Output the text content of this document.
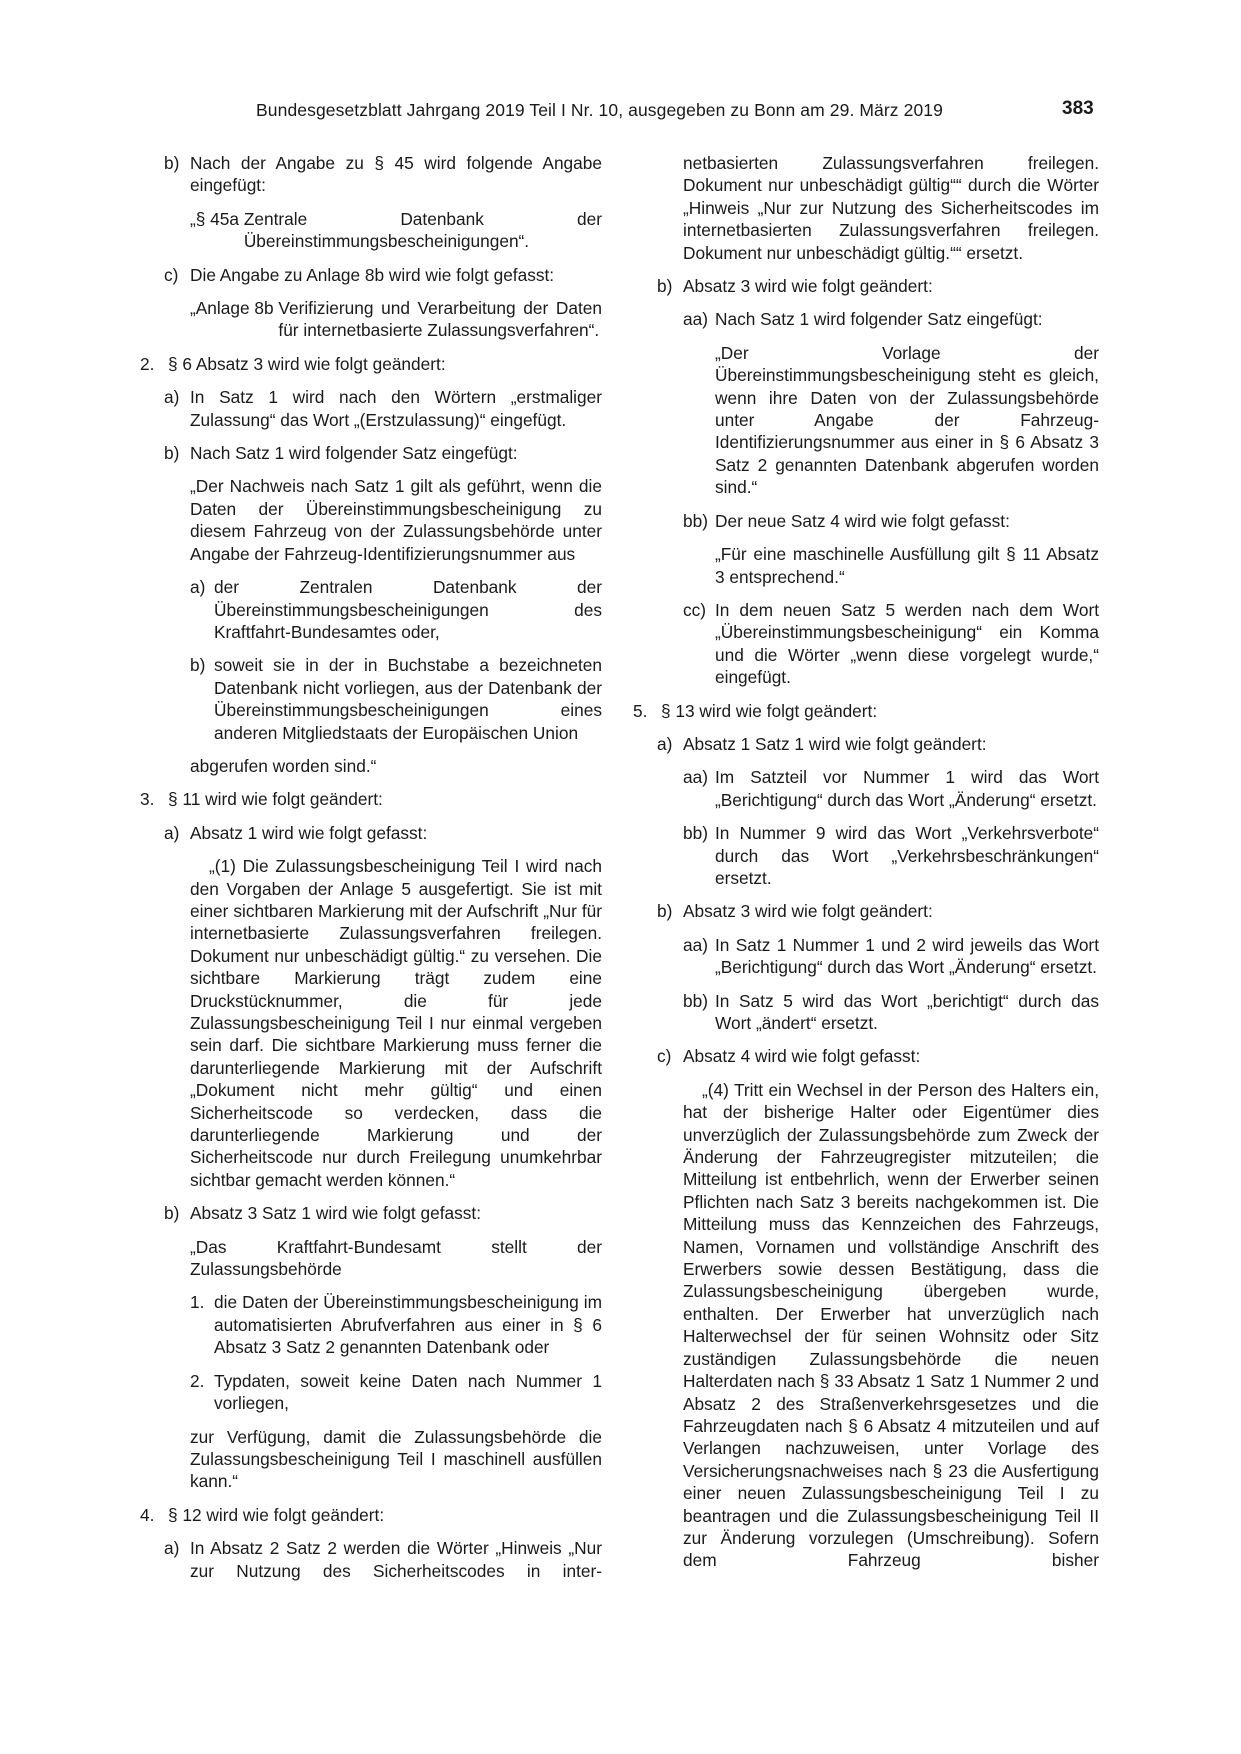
Bundesgesetzblatt Jahrgang 2019 Teil I Nr. 10, ausgegeben zu Bonn am 29. März 2019	383
b) Nach der Angabe zu § 45 wird folgende Angabe eingefügt:

„§ 45a Zentrale Datenbank der Übereinstimmungsbescheinigungen“.
c) Die Angabe zu Anlage 8b wird wie folgt gefasst:

„Anlage 8b Verifizierung und Verarbeitung der Daten für internetbasierte Zulassungsverfahren“.
2. § 6 Absatz 3 wird wie folgt geändert:

a) In Satz 1 wird nach den Wörtern „erstmaliger Zulassung“ das Wort „(Erstzulassung)“ eingefügt.

b) Nach Satz 1 wird folgender Satz eingefügt:

„Der Nachweis nach Satz 1 gilt als geführt, wenn die Daten der Übereinstimmungsbescheinigung zu diesem Fahrzeug von der Zulassungsbehörde unter Angabe der Fahrzeug-Identifizierungsnummer aus
a) der Zentralen Datenbank der Übereinstimmungsbescheinigungen des Kraftfahrt-Bundesamtes oder,
b) soweit sie in der in Buchstabe a bezeichneten Datenbank nicht vorliegen, aus der Datenbank der Übereinstimmungsbescheinigungen eines anderen Mitgliedstaats der Europäischen Union
abgerufen worden sind.“
3. § 11 wird wie folgt geändert:

a) Absatz 1 wird wie folgt gefasst:

„(1) Die Zulassungsbescheinigung Teil I wird nach den Vorgaben der Anlage 5 ausgefertigt. Sie ist mit einer sichtbaren Markierung mit der Aufschrift „Nur für internetbasierte Zulassungsverfahren freilegen. Dokument nur unbeschädigt gültig.“ zu versehen. Die sichtbare Markierung trägt zudem eine Druckstücknummer, die für jede Zulassungsbescheinigung Teil I nur einmal vergeben sein darf. Die sichtbare Markierung muss ferner die darunterliegende Markierung mit der Aufschrift „Dokument nicht mehr gültig“ und einen Sicherheitscode so verdecken, dass die darunterliegende Markierung und der Sicherheitscode nur durch Freilegung unumkehrbar sichtbar gemacht werden können.“
b) Absatz 3 Satz 1 wird wie folgt gefasst:

„Das Kraftfahrt-Bundesamt stellt der Zulassungsbehörde
1. die Daten der Übereinstimmungsbescheinigung im automatisierten Abrufverfahren aus einer in § 6 Absatz 3 Satz 2 genannten Datenbank oder
2. Typdaten, soweit keine Daten nach Nummer 1 vorliegen,
zur Verfügung, damit die Zulassungsbehörde die Zulassungsbescheinigung Teil I maschinell ausfüllen kann.“
4. § 12 wird wie folgt geändert:

a) In Absatz 2 Satz 2 werden die Wörter „Hinweis „Nur zur Nutzung des Sicherheitscodes in inter-

netbasierten Zulassungsverfahren freilegen. Dokument nur unbeschädigt gültig““ durch die Wörter „Hinweis „Nur zur Nutzung des Sicherheitscodes im internetbasierten Zulassungsverfahren freilegen. Dokument nur unbeschädigt gültig.““ ersetzt.
b) Absatz 3 wird wie folgt geändert:

aa) Nach Satz 1 wird folgender Satz eingefügt:
„Der Vorlage der Übereinstimmungsbescheinigung steht es gleich, wenn ihre Daten von der Zulassungsbehörde unter Angabe der Fahrzeug-Identifizierungsnummer aus einer in § 6 Absatz 3 Satz 2 genannten Datenbank abgerufen worden sind.“
bb) Der neue Satz 4 wird wie folgt gefasst:
„Für eine maschinelle Ausfüllung gilt § 11 Absatz 3 entsprechend.“
cc) In dem neuen Satz 5 werden nach dem Wort „Übereinstimmungsbescheinigung“ ein Komma und die Wörter „wenn diese vorgelegt wurde,“ eingefügt.
5. § 13 wird wie folgt geändert:

a) Absatz 1 Satz 1 wird wie folgt geändert:

aa) Im Satzteil vor Nummer 1 wird das Wort „Berichtigung“ durch das Wort „Änderung“ ersetzt.
bb) In Nummer 9 wird das Wort „Verkehrsverbote“ durch das Wort „Verkehrsbeschränkungen“ ersetzt.
b) Absatz 3 wird wie folgt geändert:

aa) In Satz 1 Nummer 1 und 2 wird jeweils das Wort „Berichtigung“ durch das Wort „Änderung“ ersetzt.
bb) In Satz 5 wird das Wort „berichtigt“ durch das Wort „ändert“ ersetzt.
c) Absatz 4 wird wie folgt gefasst:

„(4) Tritt ein Wechsel in der Person des Halters ein, hat der bisherige Halter oder Eigentümer dies unverzüglich der Zulassungsbehörde zum Zweck der Änderung der Fahrzeugregister mitzuteilen; die Mitteilung ist entbehrlich, wenn der Erwerber seinen Pflichten nach Satz 3 bereits nachgekommen ist. Die Mitteilung muss das Kennzeichen des Fahrzeugs, Namen, Vornamen und vollständige Anschrift des Erwerbers sowie dessen Bestätigung, dass die Zulassungsbescheinigung übergeben wurde, enthalten. Der Erwerber hat unverzüglich nach Halterwechsel der für seinen Wohnsitz oder Sitz zuständigen Zulassungsbehörde die neuen Halterdaten nach § 33 Absatz 1 Satz 1 Nummer 2 und Absatz 2 des Straßenverkehrsgesetzes und die Fahrzeugdaten nach § 6 Absatz 4 mitzuteilen und auf Verlangen nachzuweisen, unter Vorlage des Versicherungsnachweises nach § 23 die Ausfertigung einer neuen Zulassungsbescheinigung Teil I zu beantragen und die Zulassungsbescheinigung Teil II zur Änderung vorzulegen (Umschreibung). Sofern dem Fahrzeug bisher
